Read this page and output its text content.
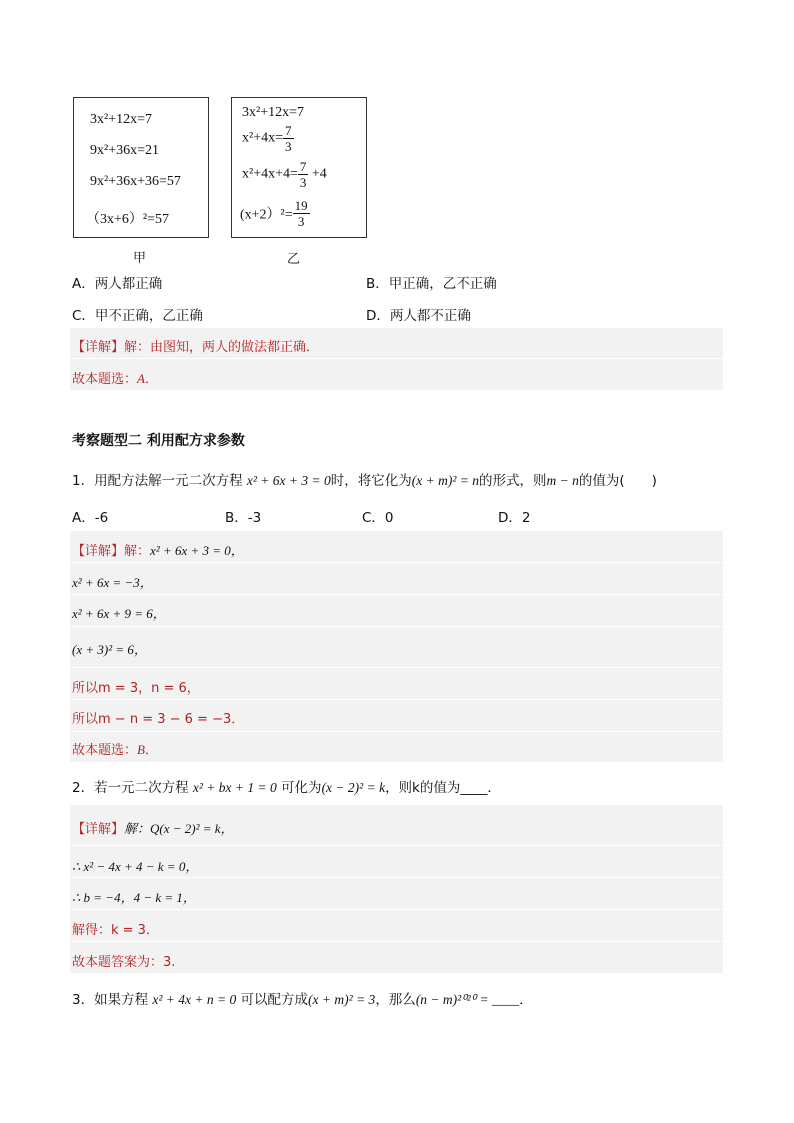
3x²+12x=7
9x²+36x=21
9x²+36x+36=57
（3x+6）²=57
甲
3x²+12x=7
$x^2+4x= \frac{7}{3}$
$x^2+4x+4= \frac{7}{3} +4$
$(x+2)^2= \frac{19}{3}$
乙
A．两人都正确	B．甲正确，乙不正确
C．甲不正确，乙正确	D．两人都不正确
【详解】解：由图知，两人的做法都正确．
故本题选：A．
考察题型二 利用配方求参数
1．用配方法解一元二次方程 x² + 6x + 3 = 0时，将它化为(x + m)² = n的形式，则m − n的值为(　　)
A．-6	B．-3	C．0	D．2
【详解】解：x² + 6x + 3 = 0，
x² + 6x = −3，
x² + 6x + 9 = 6，
(x + 3)² = 6，
所以m = 3，n = 6，
所以m − n = 3 − 6 = −3．
故本题选：B．
2．若一元二次方程 x² + bx + 1 = 0 可化为(x − 2)² = k，则k的值为____．
【详解】解：Q(x − 2)² = k，
∴ x² − 4x + 4 − k = 0，
∴ b = −4，4 − k = 1，
解得：k = 3．
故本题答案为：3.
3．如果方程 x² + 4x + n = 0 可以配方成(x + m)² = 3，那么(n − m)²⁰²⁰ = ____．
